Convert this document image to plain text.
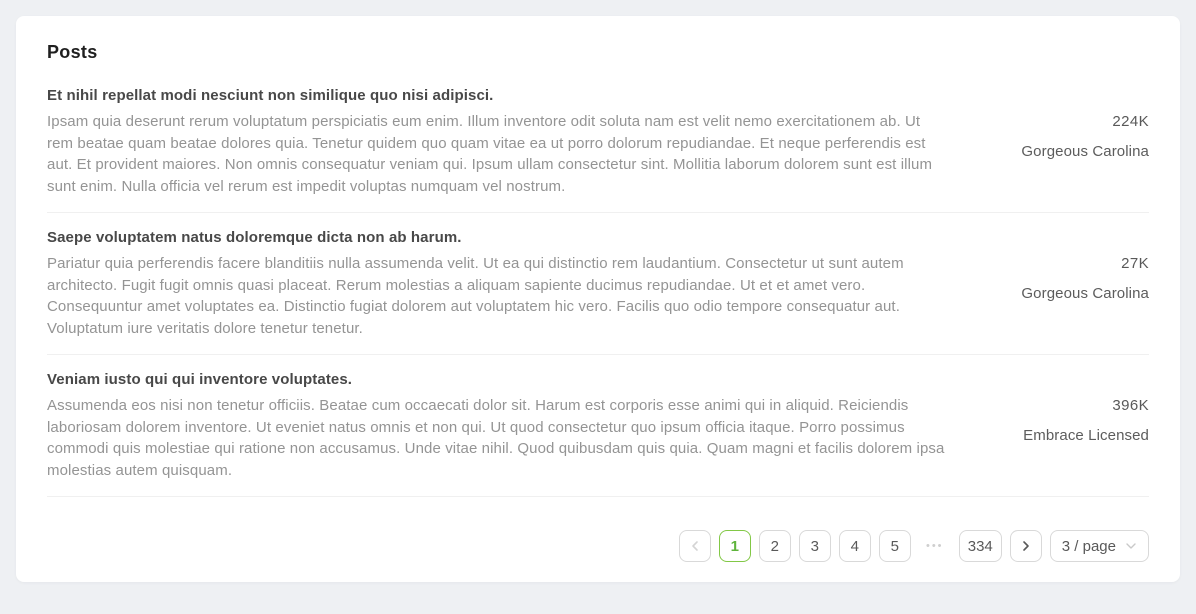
Posts
Et nihil repellat modi nesciunt non similique quo nisi adipisci.
Ipsam quia deserunt rerum voluptatum perspiciatis eum enim. Illum inventore odit soluta nam est velit nemo exercitationem ab. Ut rem beatae quam beatae dolores quia. Tenetur quidem quo quam vitae ea ut porro dolorum repudiandae. Et neque perferendis est aut. Et provident maiores. Non omnis consequatur veniam qui. Ipsum ullam consectetur sint. Mollitia laborum dolorem sunt est illum sunt enim. Nulla officia vel rerum est impedit voluptas numquam vel nostrum.
224K
Gorgeous Carolina
Saepe voluptatem natus doloremque dicta non ab harum.
Pariatur quia perferendis facere blanditiis nulla assumenda velit. Ut ea qui distinctio rem laudantium. Consectetur ut sunt autem architecto. Fugit fugit omnis quasi placeat. Rerum molestias a aliquam sapiente ducimus repudiandae. Ut et et amet vero. Consequuntur amet voluptates ea. Distinctio fugiat dolorem aut voluptatem hic vero. Facilis quo odio tempore consequatur aut. Voluptatum iure veritatis dolore tenetur tenetur.
27K
Gorgeous Carolina
Veniam iusto qui qui inventore voluptates.
Assumenda eos nisi non tenetur officiis. Beatae cum occaecati dolor sit. Harum est corporis esse animi qui in aliquid. Reiciendis laboriosam dolorem inventore. Ut eveniet natus omnis et non qui. Ut quod consectetur quo ipsum officia itaque. Porro possimus commodi quis molestiae qui ratione non accusamus. Unde vitae nihil. Quod quibusdam quis quia. Quam magni et facilis dolorem ipsa molestias autem quisquam.
396K
Embrace Licensed
1	2	3	4	5	•••	334	3 / page
